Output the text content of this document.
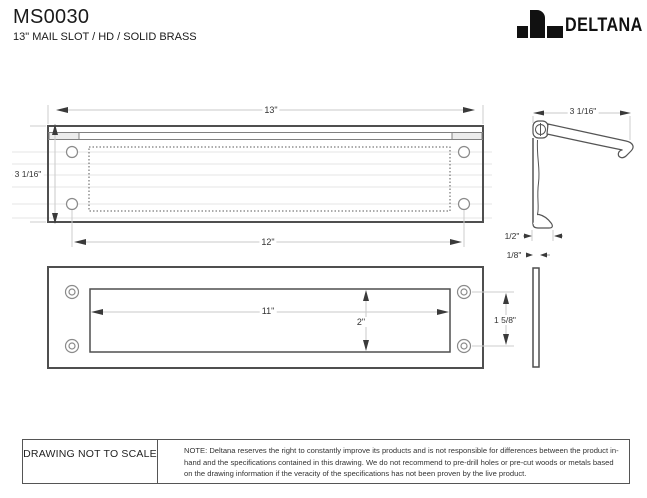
MS0030
13" MAIL SLOT / HD / SOLID BRASS
DELTANA
13"
3 1/16"
12"
3 1/16"
1/2"
1/8"
11"
2"	1 5/8"
DRAWING NOT TO SCALE	NOTE: Deltana reserves the right to constantly improve its products and is not responsible for differences between the product in-hand and the specifications contained in this drawing. We do not recommend to pre-drill holes or pre-cut woods or metals based on the drawing information if the veracity of the specifications has not been proven by the live product.
